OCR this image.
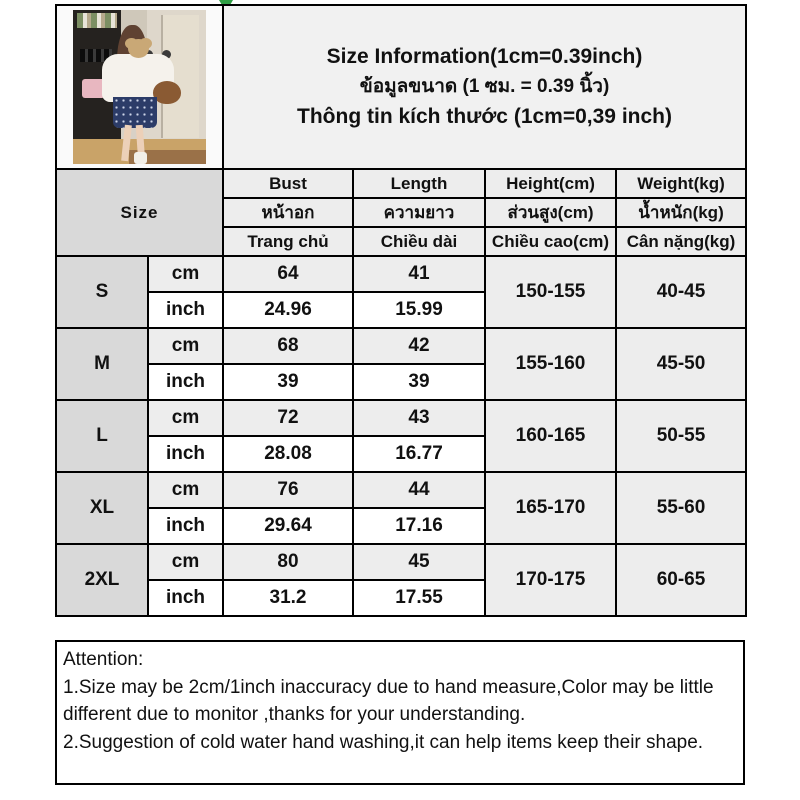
		Size Information(1cm=0.39inch)
ข้อมูลขนาด (1 ซม. = 0.39 นิ้ว)
Thông tin kích thước (1cm=0,39 inch)			

Size		Bust	Length	Height(cm)	Weight(kg)
		หน้าอก	ความยาว	ส่วนสูง(cm)	น้ำหนัก(kg)
		Trang chủ	Chiều dài	Chiều cao(cm)	Cân nặng(kg)
S	cm	64	41	150-155	40-45
	inch	24.96	15.99		
M	cm	68	42	155-160	45-50
	inch	39	39		
L	cm	72	43	160-165	50-55
	inch	28.08	16.77		
XL	cm	76	44	165-170	55-60
	inch	29.64	17.16		
2XL	cm	80	45	170-175	60-65
	inch	31.2	17.55		
Attention:
1.Size may be 2cm/1inch inaccuracy due to hand measure,Color may be little different due to monitor ,thanks for your understanding.
2.Suggestion of cold water hand washing,it can help items keep their shape.
